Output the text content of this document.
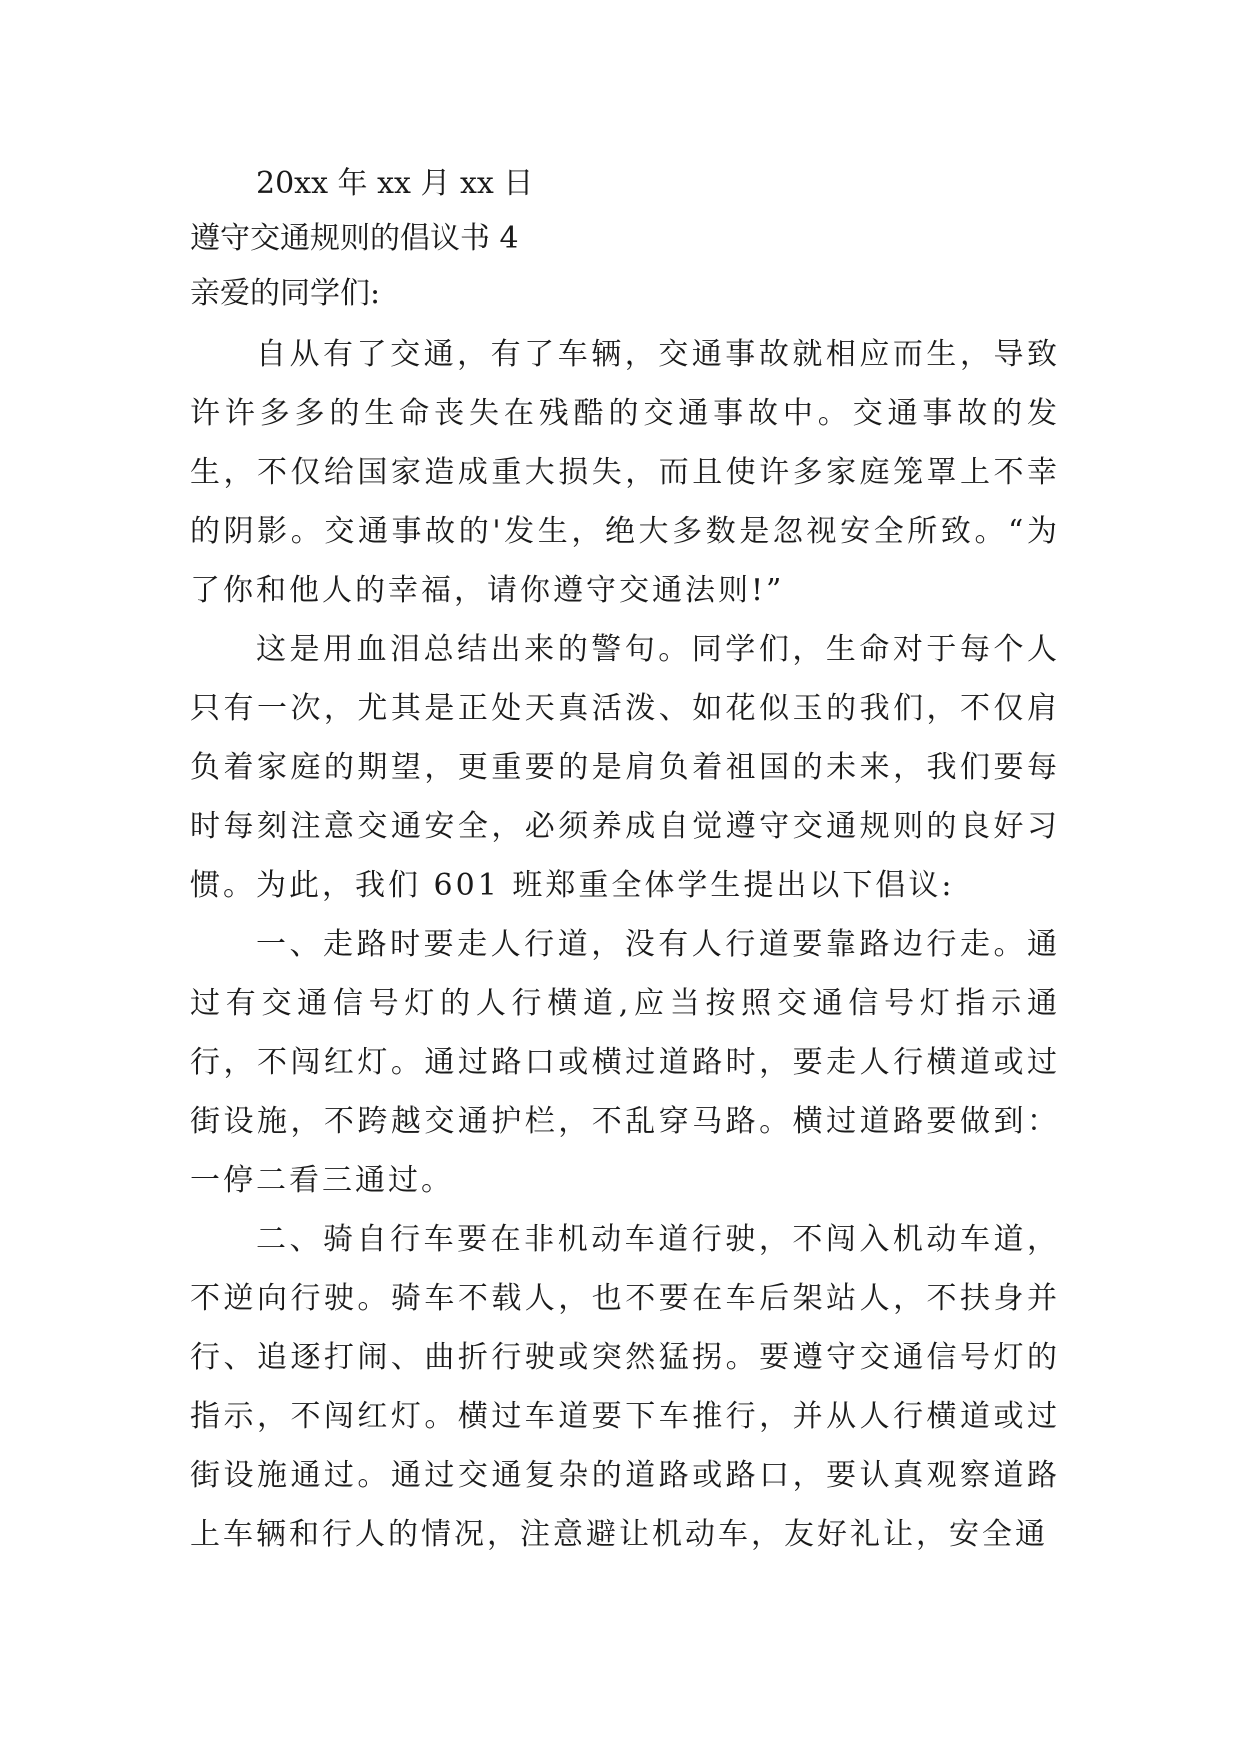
20xx 年 xx 月 xx 日
遵守交通规则的倡议书 4
亲爱的同学们:

自从有了交通，有了车辆，交通事故就相应而生，导致许许多多的生命丧失在残酷的交通事故中。交通事故的发生，不仅给国家造成重大损失，而且使许多家庭笼罩上不幸的阴影。交通事故的'发生，绝大多数是忽视安全所致。“为了你和他人的幸福，请你遵守交通法则!”

这是用血泪总结出来的警句。同学们，生命对于每个人只有一次，尤其是正处天真活泼、如花似玉的我们，不仅肩负着家庭的期望，更重要的是肩负着祖国的未来，我们要每时每刻注意交通安全，必须养成自觉遵守交通规则的良好习惯。为此，我们 601 班郑重全体学生提出以下倡议:

一、走路时要走人行道，没有人行道要靠路边行走。通过有交通信号灯的人行横道,应当按照交通信号灯指示通行，不闯红灯。通过路口或横过道路时，要走人行横道或过街设施，不跨越交通护栏，不乱穿马路。横过道路要做到：一停二看三通过。

二、骑自行车要在非机动车道行驶，不闯入机动车道，不逆向行驶。骑车不载人，也不要在车后架站人，不扶身并行、追逐打闹、曲折行驶或突然猛拐。要遵守交通信号灯的指示，不闯红灯。横过车道要下车推行，并从人行横道或过街设施通过。通过交通复杂的道路或路口，要认真观察道路上车辆和行人的情况，注意避让机动车，友好礼让，安全通
